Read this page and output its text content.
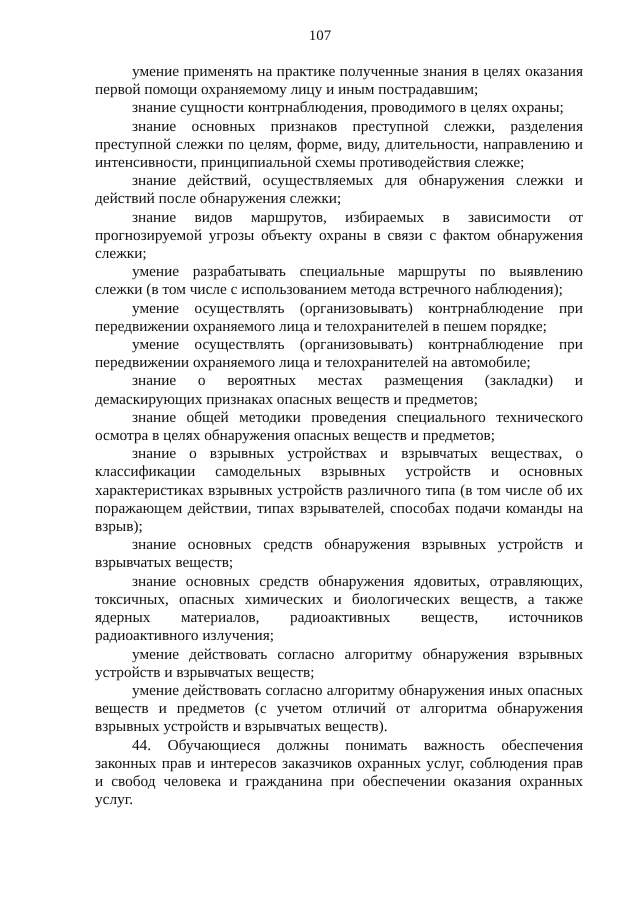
107

умение применять на практике полученные знания в целях оказания первой помощи охраняемому лицу и иным пострадавшим;

знание сущности контрнаблюдения, проводимого в целях охраны;

знание основных признаков преступной слежки, разделения преступной слежки по целям, форме, виду, длительности, направлению и интенсивности, принципиальной схемы противодействия слежке;

знание действий, осуществляемых для обнаружения слежки и действий после обнаружения слежки;

знание видов маршрутов, избираемых в зависимости от прогнозируемой угрозы объекту охраны в связи с фактом обнаружения слежки;

умение разрабатывать специальные маршруты по выявлению слежки (в том числе с использованием метода встречного наблюдения);

умение осуществлять (организовывать) контрнаблюдение при передвижении охраняемого лица и телохранителей в пешем порядке;

умение осуществлять (организовывать) контрнаблюдение при передвижении охраняемого лица и телохранителей на автомобиле;

знание о вероятных местах размещения (закладки) и демаскирующих признаках опасных веществ и предметов;

знание общей методики проведения специального технического осмотра в целях обнаружения опасных веществ и предметов;

знание о взрывных устройствах и взрывчатых веществах, о классификации самодельных взрывных устройств и основных характеристиках взрывных устройств различного типа (в том числе об их поражающем действии, типах взрывателей, способах подачи команды на взрыв);

знание основных средств обнаружения взрывных устройств и взрывчатых веществ;

знание основных средств обнаружения ядовитых, отравляющих, токсичных, опасных химических и биологических веществ, а также ядерных материалов, радиоактивных веществ, источников радиоактивного излучения;

умение действовать согласно алгоритму обнаружения взрывных устройств и взрывчатых веществ;

умение действовать согласно алгоритму обнаружения иных опасных веществ и предметов (с учетом отличий от алгоритма обнаружения взрывных устройств и взрывчатых веществ).

44. Обучающиеся должны понимать важность обеспечения законных прав и интересов заказчиков охранных услуг, соблюдения прав и свобод человека и гражданина при обеспечении оказания охранных услуг.
